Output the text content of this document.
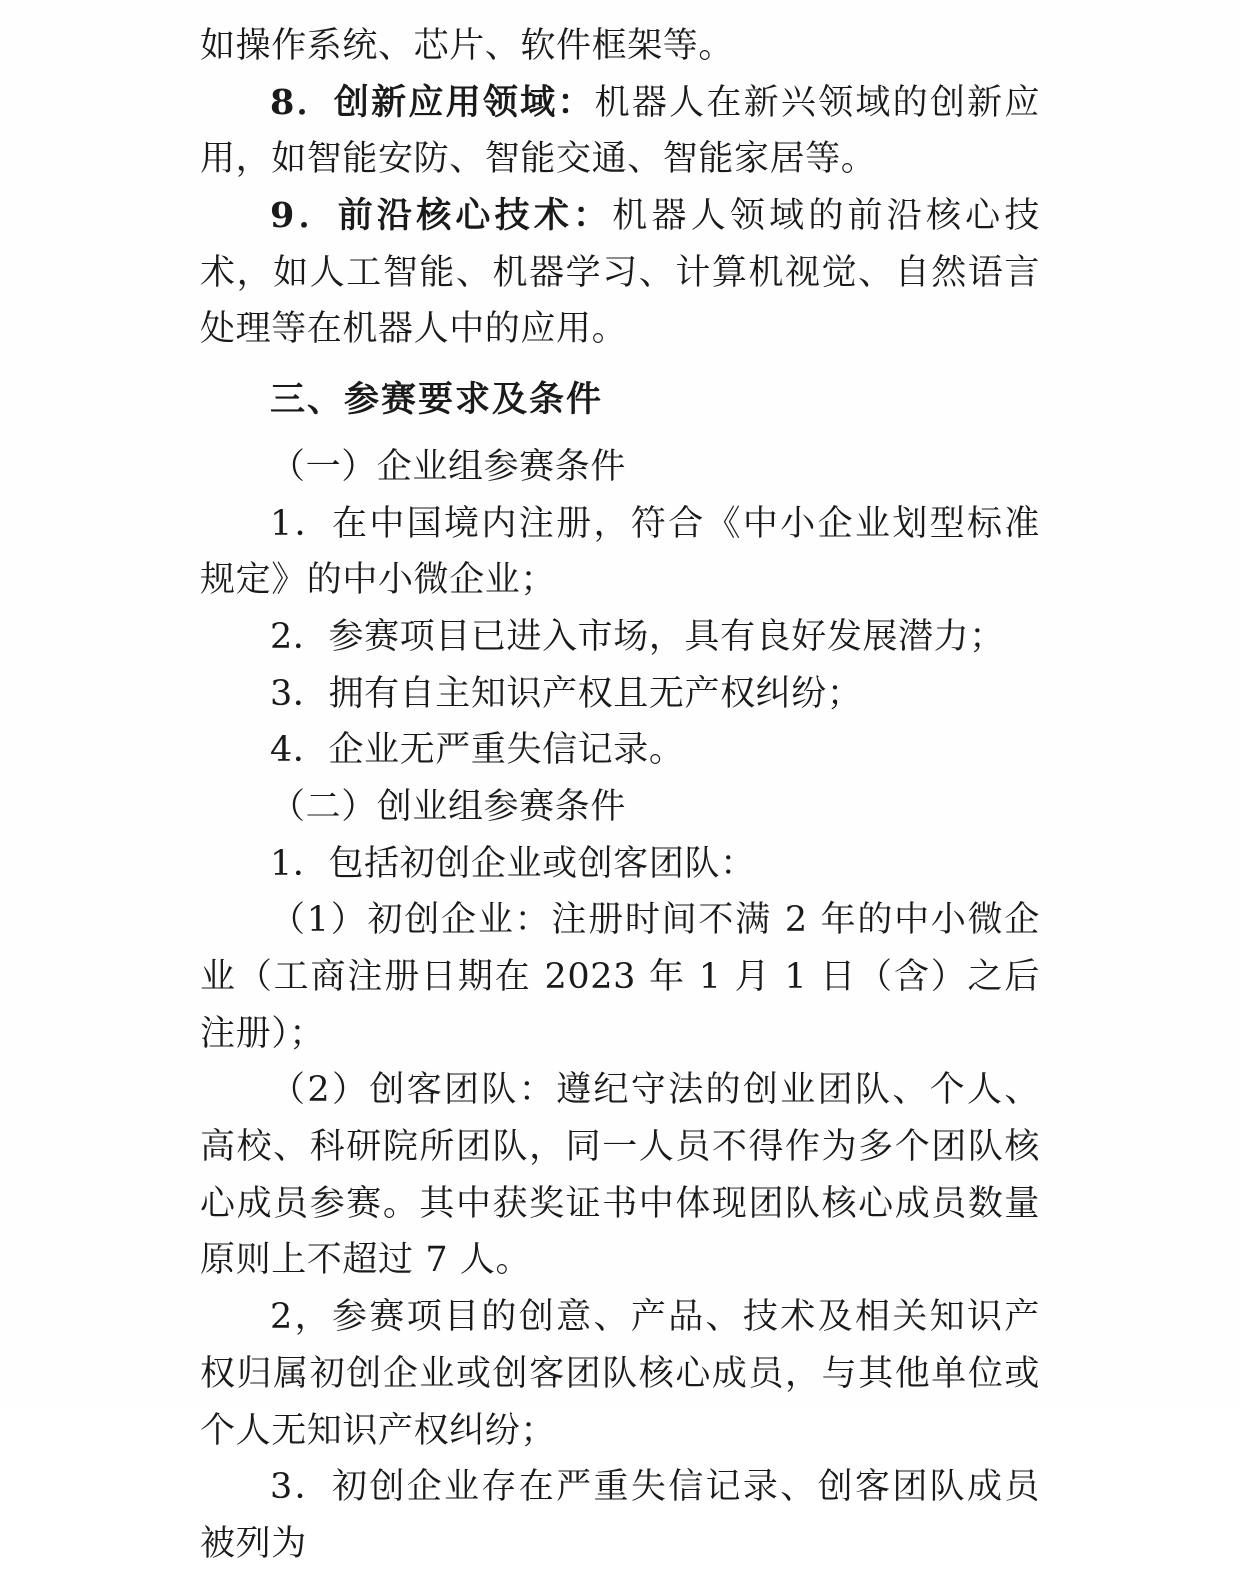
如操作系统、芯片、软件框架等。

8．创新应用领域：机器人在新兴领域的创新应用，如智能安防、智能交通、智能家居等。

9．前沿核心技术：机器人领域的前沿核心技术，如人工智能、机器学习、计算机视觉、自然语言处理等在机器人中的应用。

三、参赛要求及条件

（一）企业组参赛条件

1．在中国境内注册，符合《中小企业划型标准规定》的中小微企业；

2．参赛项目已进入市场，具有良好发展潜力；

3．拥有自主知识产权且无产权纠纷；

4．企业无严重失信记录。

（二）创业组参赛条件

1．包括初创企业或创客团队：

（1）初创企业：注册时间不满 2 年的中小微企业（工商注册日期在 2023 年 1 月 1 日（含）之后注册）；

（2）创客团队：遵纪守法的创业团队、个人、高校、科研院所团队，同一人员不得作为多个团队核心成员参赛。其中获奖证书中体现团队核心成员数量原则上不超过 7 人。

2，参赛项目的创意、产品、技术及相关知识产权归属初创企业或创客团队核心成员，与其他单位或个人无知识产权纠纷；

3．初创企业存在严重失信记录、创客团队成员被列为
